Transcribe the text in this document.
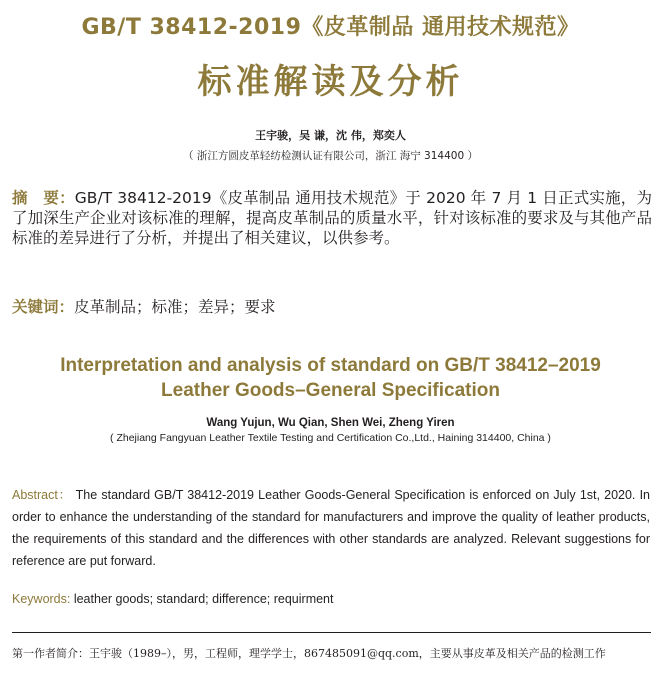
GB/T 38412-2019《皮革制品 通用技术规范》
标准解读及分析
王宇骏，吴 谦，沈 伟，郑奕人
（ 浙江方圆皮革轻纺检测认证有限公司，浙江 海宁 314400 ）
摘　要：GB/T 38412-2019《皮革制品 通用技术规范》于 2020 年 7 月 1 日正式实施，为了加深生产企业对该标准的理解，提高皮革制品的质量水平，针对该标准的要求及与其他产品标准的差异进行了分析，并提出了相关建议，以供参考。
关键词：皮革制品；标准；差异；要求
Interpretation and analysis of standard on GB/T 38412–2019
Leather Goods–General Specification
Wang Yujun, Wu Qian, Shen Wei, Zheng Yiren
( Zhejiang Fangyuan Leather Textile Testing and Certification Co.,Ltd., Haining 314400, China )
Abstract： The standard GB/T 38412-2019 Leather Goods-General Specification is enforced on July 1st, 2020. In order to enhance the understanding of the standard for manufacturers and improve the quality of leather products, the requirements of this standard and the differences with other standards are analyzed. Relevant suggestions for reference are put forward.
Keywords: leather goods; standard; difference; requirment
第一作者简介：王宇骏（1989–），男，工程师，理学学士，867485091@qq.com，主要从事皮革及相关产品的检测工作
